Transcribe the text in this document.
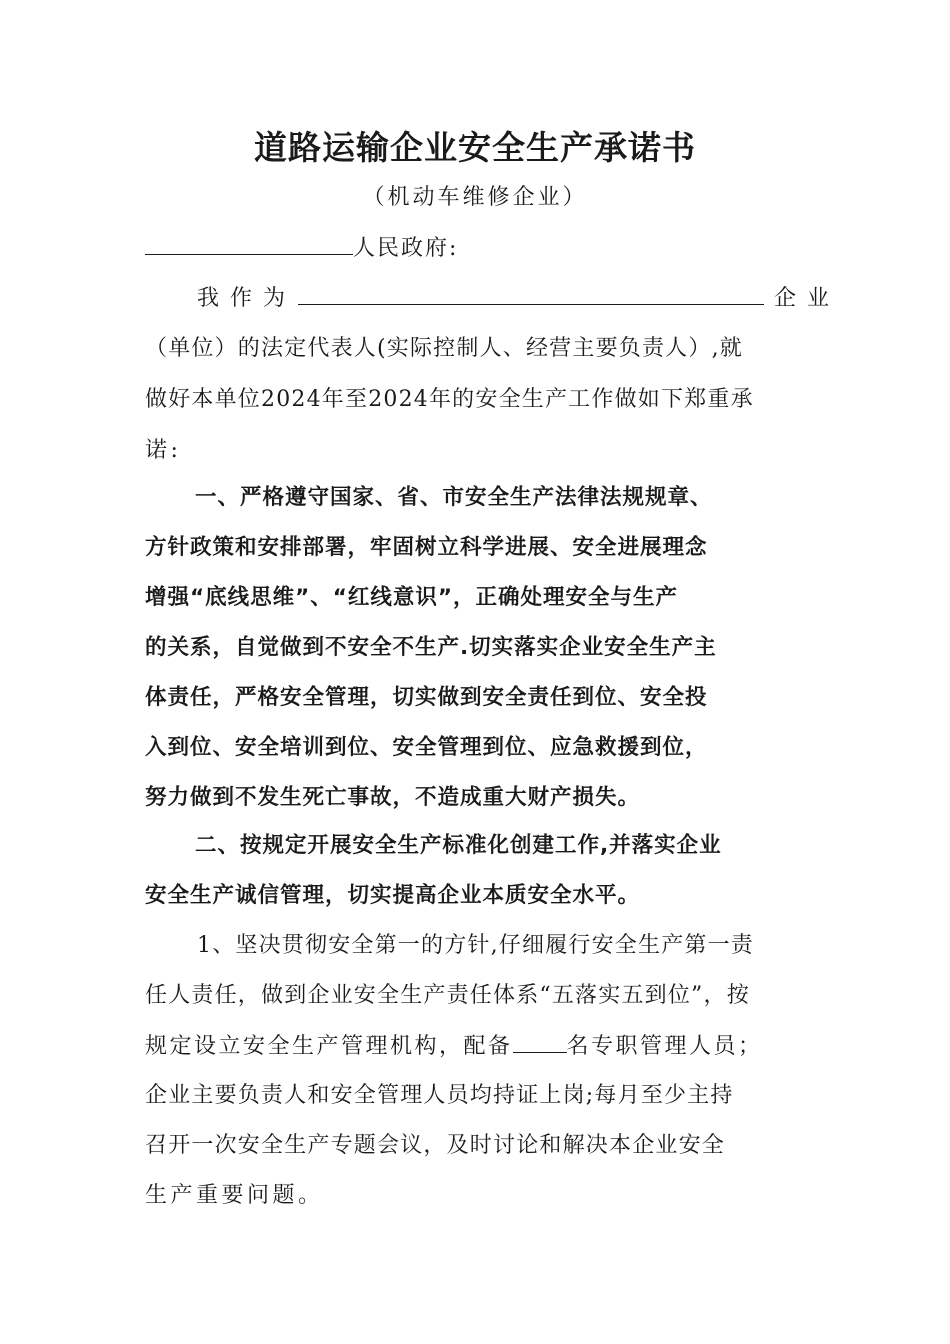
道路运输企业安全生产承诺书
（机动车维修企业）
人民政府:
我 作 为	企 业
（单位）的法定代表人(实际控制人、经营主要负责人）,就
做好本单位2024年至2024年的安全生产工作做如下郑重承
诺:
一、严格遵守国家、省、市安全生产法律法规规章、
方针政策和安排部署，牢固树立科学进展、安全进展理念
增强“底线思维”、“红线意识”，正确处理安全与生产
的关系，自觉做到不安全不生产.切实落实企业安全生产主
体责任，严格安全管理，切实做到安全责任到位、安全投
入到位、安全培训到位、安全管理到位、应急救援到位，
努力做到不发生死亡事故，不造成重大财产损失。
二、按规定开展安全生产标准化创建工作,并落实企业
安全生产诚信管理，切实提高企业本质安全水平。
1、坚决贯彻安全第一的方针,仔细履行安全生产第一责
任人责任，做到企业安全生产责任体系“五落实五到位”，按
规定设立安全生产管理机构，配备 名专职管理人员；
企业主要负责人和安全管理人员均持证上岗;每月至少主持
召开一次安全生产专题会议，及时讨论和解决本企业安全
生产重要问题。
